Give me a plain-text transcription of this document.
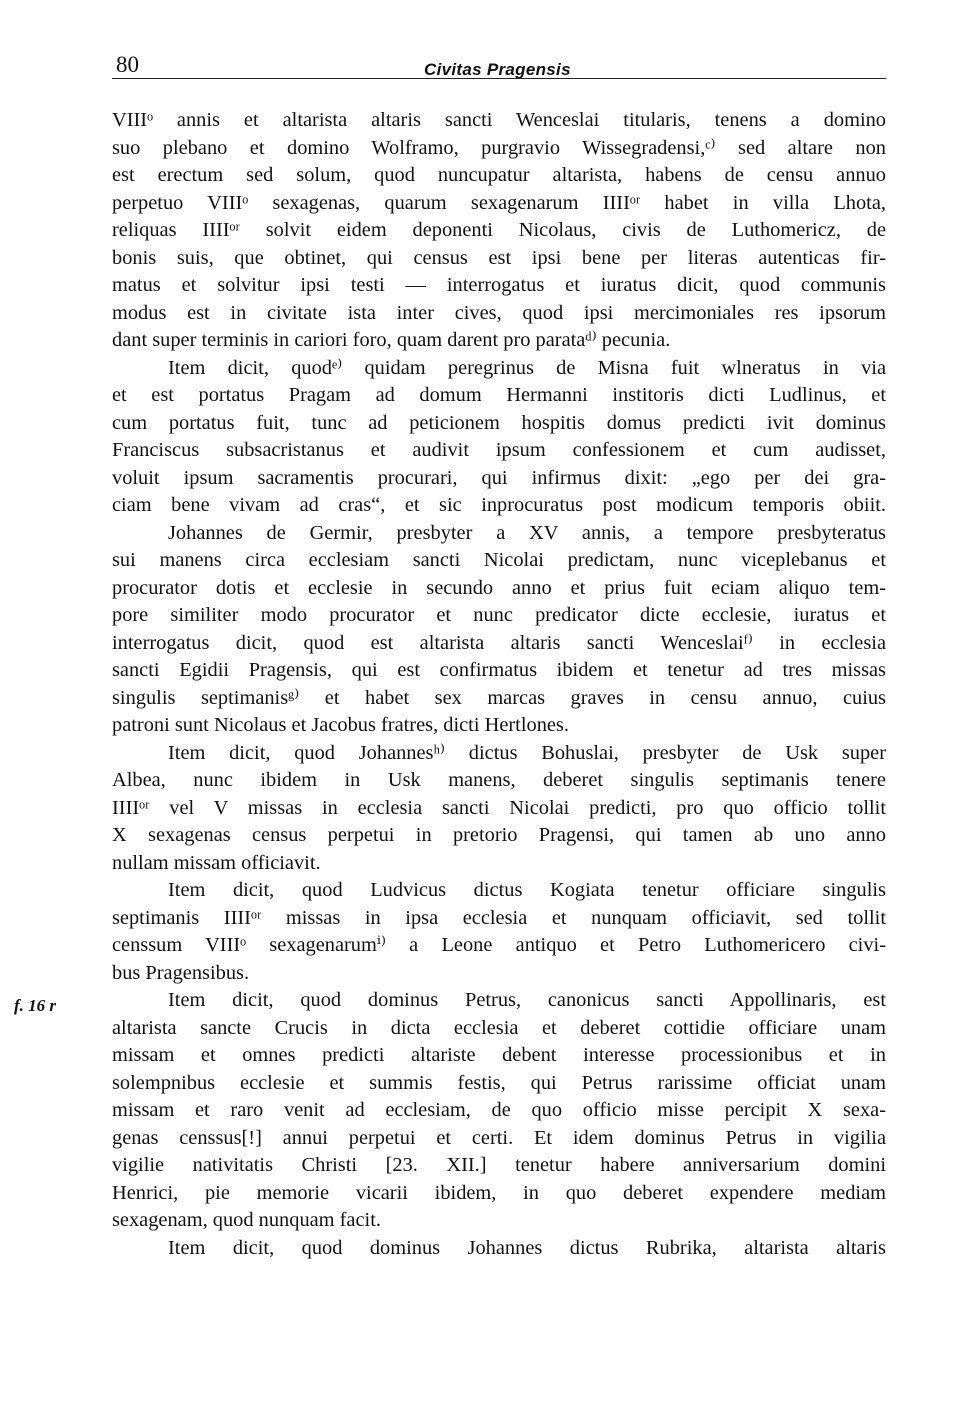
80	Civitas Pragensis
f. 16 r
VIIIᵒ annis et altarista altaris sancti Wenceslai titularis, tenens a domino
suo plebano et domino Wolframo, purgravio Wissegradensi,ᶜ⁾ sed altare non
est erectum sed solum, quod nuncupatur altarista, habens de censu annuo
perpetuo VIIIᵒ sexagenas, quarum sexagenarum IIIIᵒʳ habet in villa Lhota,
reliquas IIIIᵒʳ solvit eidem deponenti Nicolaus, civis de Luthomericz, de
bonis suis, que obtinet, qui census est ipsi bene per literas autenticas fir-
matus et solvitur ipsi testi — interrogatus et iuratus dicit, quod communis
modus est in civitate ista inter cives, quod ipsi mercimoniales res ipsorum
dant super terminis in cariori foro, quam darent pro parataᵈ⁾ pecunia.
Item dicit, quodᵉ⁾ quidam peregrinus de Misna fuit wlneratus in via
et est portatus Pragam ad domum Hermanni institoris dicti Ludlinus, et
cum portatus fuit, tunc ad peticionem hospitis domus predicti ivit dominus
Franciscus subsacristanus et audivit ipsum confessionem et cum audisset,
voluit ipsum sacramentis procurari, qui infirmus dixit: „ego per dei gra-
ciam bene vivam ad cras“, et sic inprocuratus post modicum temporis obiit.
Johannes de Germir, presbyter a XV annis, a tempore presbyteratus
sui manens circa ecclesiam sancti Nicolai predictam, nunc viceplebanus et
procurator dotis et ecclesie in secundo anno et prius fuit eciam aliquo tem-
pore similiter modo procurator et nunc predicator dicte ecclesie, iuratus et
interrogatus dicit, quod est altarista altaris sancti Wenceslaiᶠ⁾ in ecclesia
sancti Egidii Pragensis, qui est confirmatus ibidem et tenetur ad tres missas
singulis septimanisᵍ⁾ et habet sex marcas graves in censu annuo, cuius
patroni sunt Nicolaus et Jacobus fratres, dicti Hertlones.
Item dicit, quod Johannesʰ⁾ dictus Bohuslai, presbyter de Usk super
Albea, nunc ibidem in Usk manens, deberet singulis septimanis tenere
IIIIᵒʳ vel V missas in ecclesia sancti Nicolai predicti, pro quo officio tollit
X sexagenas census perpetui in pretorio Pragensi, qui tamen ab uno anno
nullam missam officiavit.
Item dicit, quod Ludvicus dictus Kogiata tenetur officiare singulis
septimanis IIIIᵒʳ missas in ipsa ecclesia et nunquam officiavit, sed tollit
censsum VIIIᵒ sexagenarumⁱ⁾ a Leone antiquo et Petro Luthomericero civi-
bus Pragensibus.
Item dicit, quod dominus Petrus, canonicus sancti Appollinaris, est
altarista sancte Crucis in dicta ecclesia et deberet cottidie officiare unam
missam et omnes predicti altariste debent interesse processionibus et in
solempnibus ecclesie et summis festis, qui Petrus rarissime officiat unam
missam et raro venit ad ecclesiam, de quo officio misse percipit X sexa-
genas censsus[!] annui perpetui et certi. Et idem dominus Petrus in vigilia
vigilie nativitatis Christi [23. XII.] tenetur habere anniversarium domini
Henrici, pie memorie vicarii ibidem, in quo deberet expendere mediam
sexagenam, quod nunquam facit.
Item dicit, quod dominus Johannes dictus Rubrika, altarista altaris
